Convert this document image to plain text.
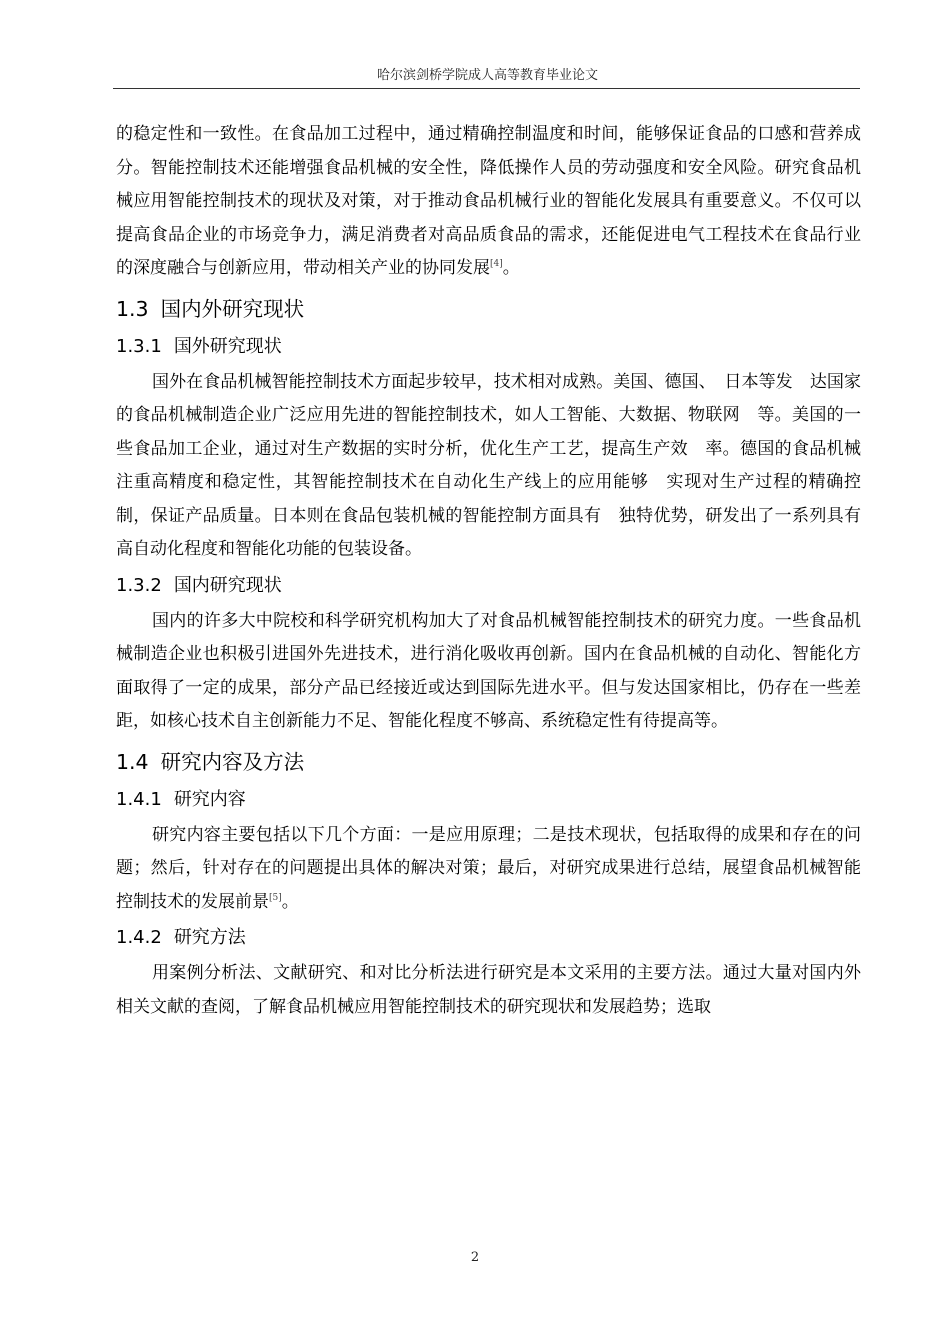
哈尔滨剑桥学院成人高等教育毕业论文

的稳定性和一致性。在食品加工过程中，通过精确控制温度和时间，能够保证食品的口感和营养成分。智能控制技术还能增强食品机械的安全性，降低操作人员的劳动强度和安全风险。研究食品机械应用智能控制技术的现状及对策，对于推动食品机械行业的智能化发展具有重要意义。不仅可以提高食品企业的市场竞争力，满足消费者对高品质食品的需求，还能促进电气工程技术在食品行业的深度融合与创新应用，带动相关产业的协同发展[4]。

1.3 国内外研究现状
1.3.1 国外研究现状

国外在食品机械智能控制技术方面起步较早，技术相对成熟。美国、德国、　日本等发　达国家的食品机械制造企业广泛应用先进的智能控制技术，如人工智能、大数据、物联网　等。美国的一些食品加工企业，通过对生产数据的实时分析，优化生产工艺，提高生产效　率。德国的食品机械注重高精度和稳定性，其智能控制技术在自动化生产线上的应用能够　实现对生产过程的精确控制，保证产品质量。日本则在食品包装机械的智能控制方面具有　独特优势，研发出了一系列具有高自动化程度和智能化功能的包装设备。

1.3.2 国内研究现状

国内的许多大中院校和科学研究机构加大了对食品机械智能控制技术的研究力度。一些食品机械制造企业也积极引进国外先进技术，进行消化吸收再创新。国内在食品机械的自动化、智能化方面取得了一定的成果，部分产品已经接近或达到国际先进水平。但与发达国家相比，仍存在一些差距，如核心技术自主创新能力不足、智能化程度不够高、系统稳定性有待提高等。

1.4 研究内容及方法
1.4.1 研究内容

研究内容主要包括以下几个方面：一是应用原理；二是技术现状，包括取得的成果和存在的问题；然后，针对存在的问题提出具体的解决对策；最后，对研究成果进行总结，展望食品机械智能控制技术的发展前景[5]。

1.4.2 研究方法

用案例分析法、文献研究、和对比分析法进行研究是本文采用的主要方法。通过大量对国内外相关文献的查阅，了解食品机械应用智能控制技术的研究现状和发展趋势；选取

2
